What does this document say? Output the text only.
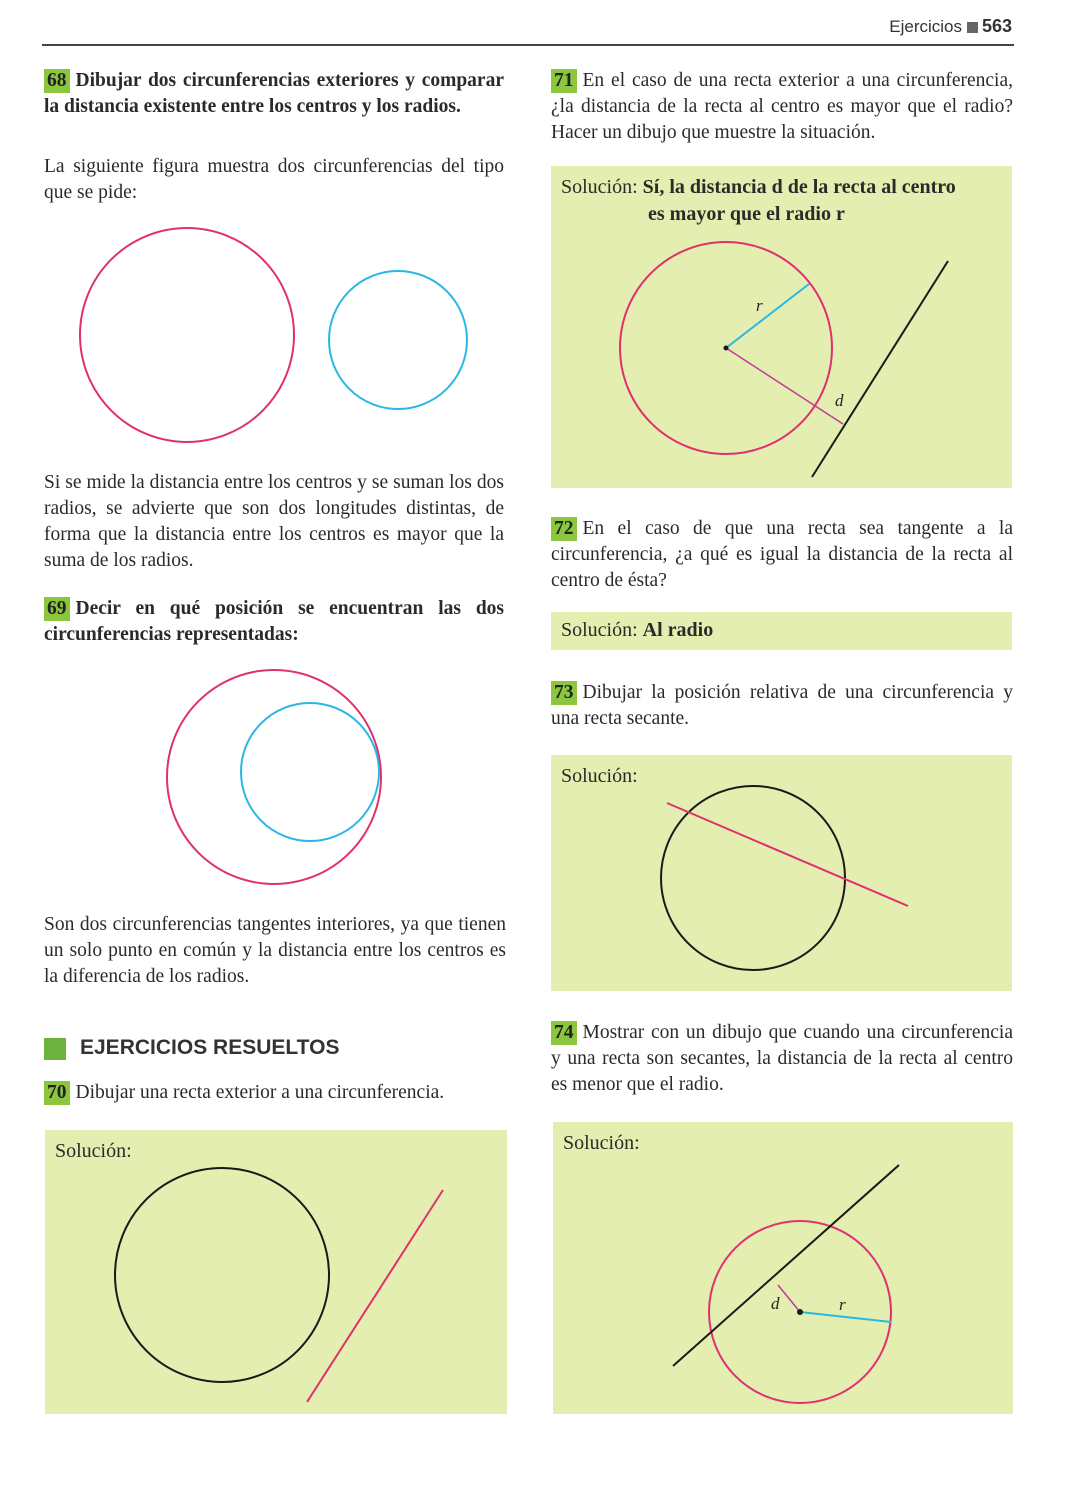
Ejercicios 563
68 Dibujar dos circunferencias exteriores y comparar la distancia existente entre los centros y los radios.
La siguiente figura muestra dos circunferencias del tipo que se pide:
Si se mide la distancia entre los centros y se suman los dos radios, se advierte que son dos longitudes distintas, de forma que la distancia entre los centros es mayor que la suma de los radios.
69 Decir en qué posición se encuentran las dos circunferencias representadas:
Son dos circunferencias tangentes interiores, ya que tienen un solo punto en común y la distancia entre los centros es la diferencia de los radios.
EJERCICIOS RESUELTOS
70 Dibujar una recta exterior a una circunferencia.
Solución:
71 En el caso de una recta exterior a una circunferencia, ¿la distancia de la recta al centro es mayor que el radio? Hacer un dibujo que muestre la situación.
Solución: Sí, la distancia d de la recta al centro
es mayor que el radio r
r
d
72 En el caso de que una recta sea tangente a la circunferencia, ¿a qué es igual la distancia de la recta al centro de ésta?
Solución: Al radio
73 Dibujar la posición relativa de una circunferencia y una recta secante.
Solución:
74 Mostrar con un dibujo que cuando una circunferencia y una recta son secantes, la distancia de la recta al centro es menor que el radio.
Solución:
d	r
